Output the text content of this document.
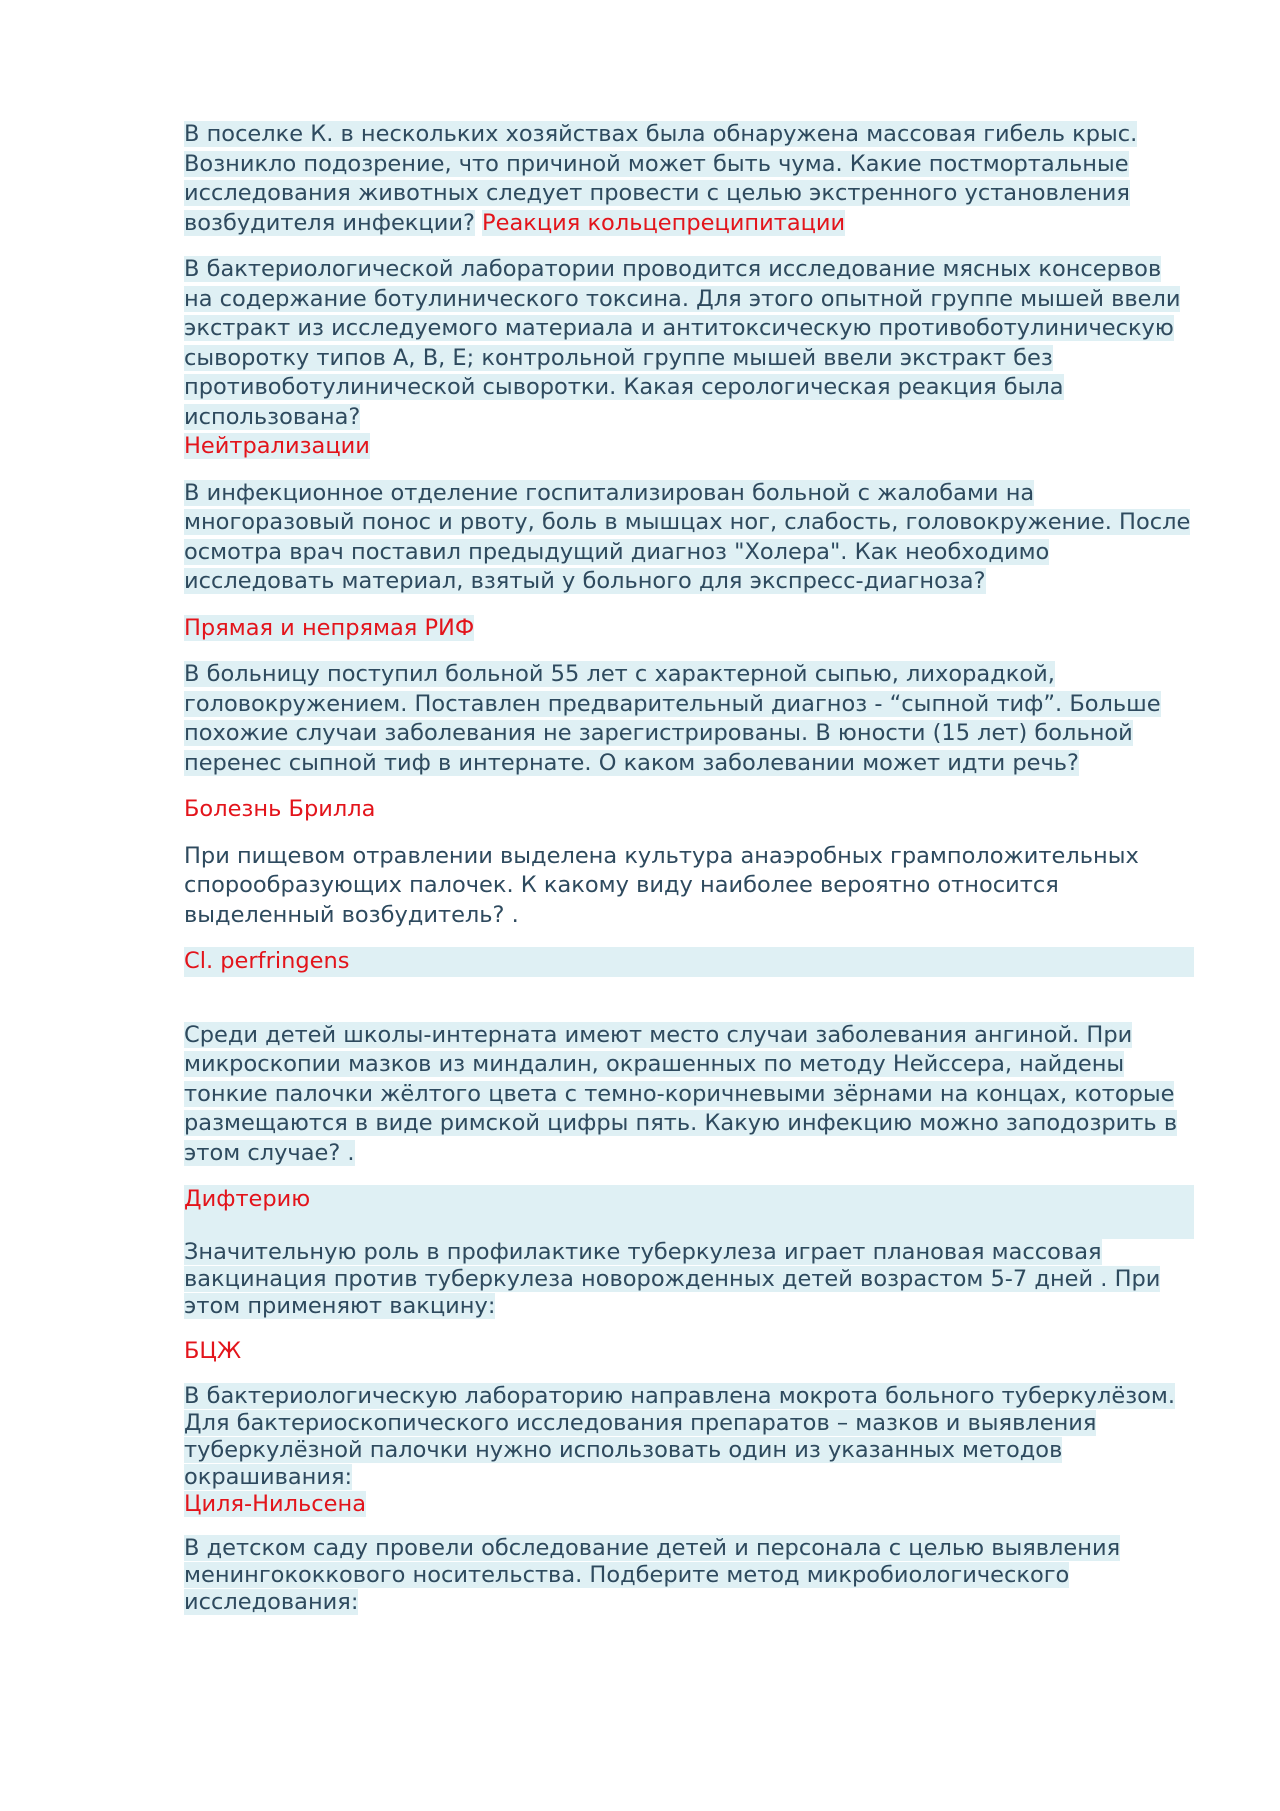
В поселке К. в нескольких хозяйствах была обнаружена массовая гибель крыс. Возникло подозрение, что причиной может быть чума. Какие постмортальные исследования животных следует провести с целью экстренного установления возбудителя инфекции? Реакция кольцепреципитации

В бактериологической лаборатории проводится исследование мясных консервов на содержание ботулинического токсина. Для этого опытной группе мышей ввели экстракт из исследуемого материала и антитоксическую противоботулиническую сыворотку типов А, В, Е; контрольной группе мышей ввели экстракт без противоботулинической сыворотки. Какая серологическая реакция была использована?
Нейтрализации

В инфекционное отделение госпитализирован больной с жалобами на многоразовый понос и рвоту, боль в мышцах ног, слабость, головокружение. После осмотра врач поставил предыдущий диагноз "Холера". Как необходимо исследовать материал, взятый у больного для экспресс-диагноза?

Прямая и непрямая РИФ

В больницу поступил больной 55 лет с характерной сыпью, лихорадкой, головокружением. Поставлен предварительный диагноз - “сыпной тиф”. Больше похожие случаи заболевания не зарегистрированы. В юности (15 лет) больной перенес сыпной тиф в интернате. О каком заболевании может идти речь?

Болезнь Брилла

При пищевом отравлении выделена культура анаэробных грамположительных спорообразующих палочек. К какому виду наиболее вероятно относится выделенный возбудитель? .

Cl. perfringens

Среди детей школы-интерната имеют место случаи заболевания ангиной. При микроскопии мазков из миндалин, окрашенных по методу Нейссера, найдены тонкие палочки жёлтого цвета с темно-коричневыми зёрнами на концах, которые размещаются в виде римской цифры пять. Какую инфекцию можно заподозрить в этом случае? .

Дифтерию

Значительную роль в профилактике туберкулеза играет плановая массовая вакцинация против туберкулеза новорожденных детей возрастом 5-7 дней . При этом применяют вакцину:

БЦЖ

В бактериологическую лабораторию направлена мокрота больного туберкулёзом. Для бактериоскопического исследования препаратов – мазков и выявления туберкулёзной палочки нужно использовать один из указанных методов окрашивания:
Циля-Нильсена

В детском саду провели обследование детей и персонала с целью выявления менингококкового носительства. Подберите метод микробиологического исследования:
